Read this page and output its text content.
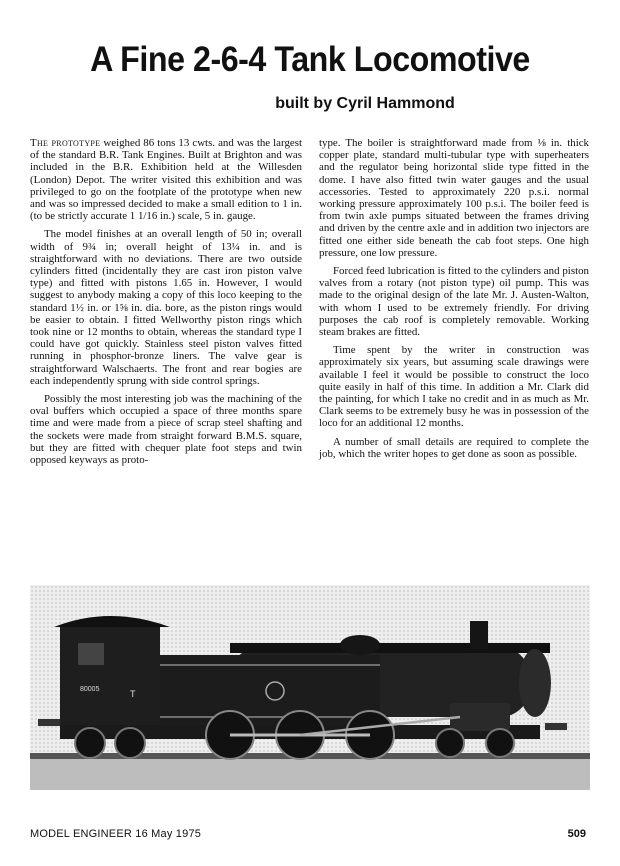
A Fine 2-6-4 Tank Locomotive
built by Cyril Hammond

The prototype weighed 86 tons 13 cwts. and was the largest of the standard B.R. Tank Engines. Built at Brighton and was included in the B.R. Exhibition held at the Willesden (London) Depot. The writer visited this exhibition and was privileged to go on the footplate of the prototype when new and was so impressed decided to make a small edition to 1 in. (to be strictly accurate 1 1/16 in.) scale, 5 in. gauge.

The model finishes at an overall length of 50 in; overall width of 9¾ in; overall height of 13¼ in. and is straightforward with no deviations. There are two outside cylinders fitted (incidentally they are cast iron piston valve type) and fitted with pistons 1.65 in. However, I would suggest to anybody making a copy of this loco keeping to the standard 1½ in. or 1⅝ in. dia. bore, as the piston rings would be easier to obtain. I fitted Wellworthy piston rings which took nine or 12 months to obtain, whereas the standard type I could have got quickly. Stainless steel piston valves fitted running in phosphor-bronze liners. The valve gear is straightforward Walschaerts. The front and rear bogies are each independently sprung with side control springs.

Possibly the most interesting job was the machining of the oval buffers which occupied a space of three months spare time and were made from a piece of scrap steel shafting and the sockets were made from straight forward B.M.S. square, but they are fitted with chequer plate foot steps and twin opposed keyways as proto-

type. The boiler is straightforward made from ⅛ in. thick copper plate, standard multi-tubular type with superheaters and the regulator being horizontal slide type fitted in the dome. I have also fitted twin water gauges and the usual accessories. Tested to approximately 220 p.s.i. normal working pressure approximately 100 p.s.i. The boiler feed is from twin axle pumps situated between the frames driving and driven by the centre axle and in addition two injectors are fitted one either side beneath the cab foot steps. One high pressure, one low pressure.

Forced feed lubrication is fitted to the cylinders and piston valves from a rotary (not piston type) oil pump. This was made to the original design of the late Mr. J. Austen-Walton, with whom I used to be extremely friendly. For driving purposes the cab roof is completely removable. Working steam brakes are fitted.

Time spent by the writer in construction was approximately six years, but assuming scale drawings were available I feel it would be possible to construct the loco quite easily in half of this time. In addition a Mr. Clark did the painting, for which I take no credit and in as much as Mr. Clark seems to be extremely busy he was in possession of the loco for an additional 12 months.

A number of small details are required to complete the job, which the writer hopes to get done as soon as possible.

80005	T
MODEL ENGINEER 16 May 1975	509
